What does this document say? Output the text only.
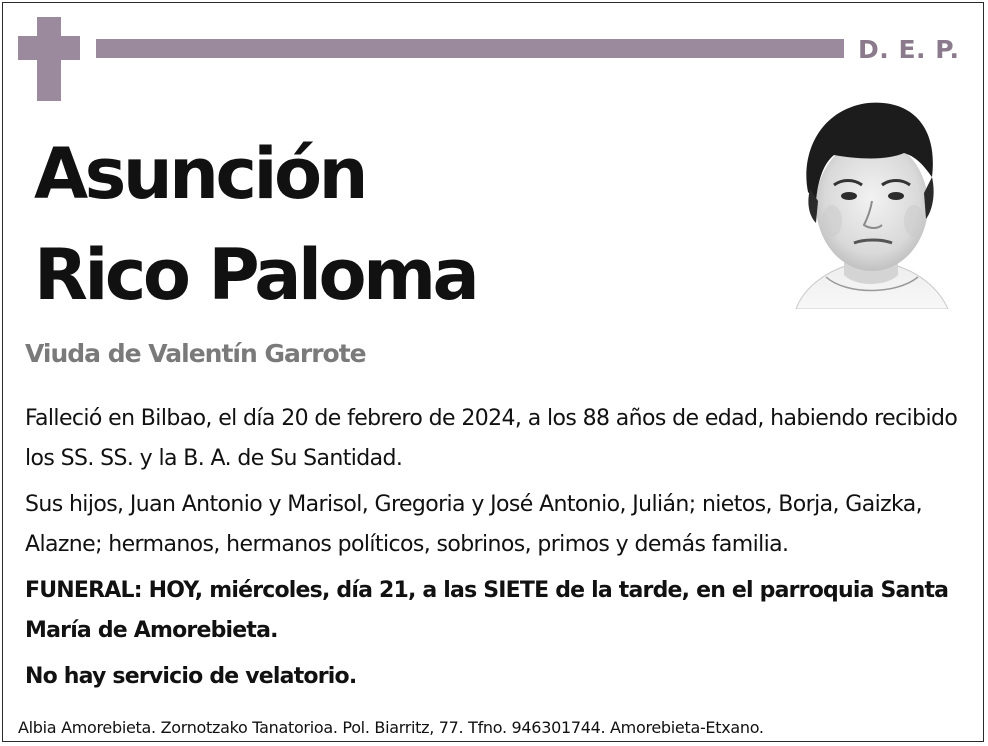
D. E. P.
Asunción
Rico Paloma
Viuda de Valentín Garrote

Falleció en Bilbao, el día 20 de febrero de 2024, a los 88 años de edad, habiendo recibido los SS. SS. y la B. A. de Su Santidad.

Sus hijos, Juan Antonio y Marisol, Gregoria y José Antonio, Julián; nietos, Borja, Gaizka, Alazne; hermanos, hermanos políticos, sobrinos, primos y demás familia.

FUNERAL: HOY, miércoles, día 21, a las SIETE de la tarde, en el parroquia Santa María de Amorebieta.

No hay servicio de velatorio.

Albia Amorebieta. Zornotzako Tanatorioa. Pol. Biarritz, 77. Tfno. 946301744. Amorebieta-Etxano.
